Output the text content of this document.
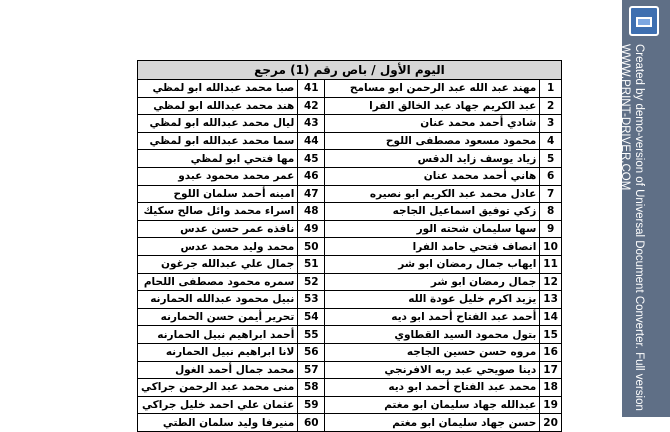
اليوم الأول / باص رقم (1) مرجع			
1	مهند عبد الله عبد الرحمن ابو مسامح	41	صبا محمد عبدالله ابو لمظي
2	عبد الكريم جهاد عبد الخالق الفرا	42	هند محمد عبدالله ابو لمظي
3	شادي أحمد محمد عنان	43	ليال محمد عبدالله ابو لمظي
4	محمود مسعود مصطفى اللوح	44	سما محمد عبدالله ابو لمظي
5	زياد يوسف زايد الدقس	45	مها فتحي ابو لمظي
6	هاني أحمد محمد عنان	46	عمر محمد محمود عبدو
7	عادل محمد عبد الكريم ابو نصيره	47	امينه أحمد سلمان اللوح
8	زكي توفيق اسماعيل الجاجه	48	اسراء محمد وائل صالح سكيك
9	سها سليمان شحته الور	49	نافذه عمر حسن عدس
10	انصاف فتحي حامد الفرا	50	محمد وليد محمد عدس
11	ايهاب جمال رمضان ابو شر	51	جمال علي عبدالله جرغون
12	جمال رمضان ابو شر	52	سمره محمود مصطفى اللحام
13	يزيد اكرم خليل عودة الله	53	نبيل محمود عبدالله الحمارنه
14	أحمد عبد الفتاح أحمد ابو ديه	54	تحرير أيمن حسن الحمارنه
15	بتول محمود السيد القطاوي	55	أحمد ابراهيم نبيل الحمارنه
16	مروه حسن حسين الجاجه	56	لانا ابراهيم نبيل الحمارنه
17	دينا صويحي عبد ربه الافرنجي	57	محمد جمال أحمد الغول
18	محمد عبد الفتاح أحمد ابو ديه	58	منى محمد عبد الرحمن جراكي
19	عبدالله جهاد سليمان ابو مغتم	59	عثمان علي احمد خليل جراكي
20	حسن جهاد سليمان ابو مغتم	60	منيرفا وليد سلمان الطتي
Created by demo-version of Universal Document Converter. Full version
WWW.PRINT-DRIVER.COM
